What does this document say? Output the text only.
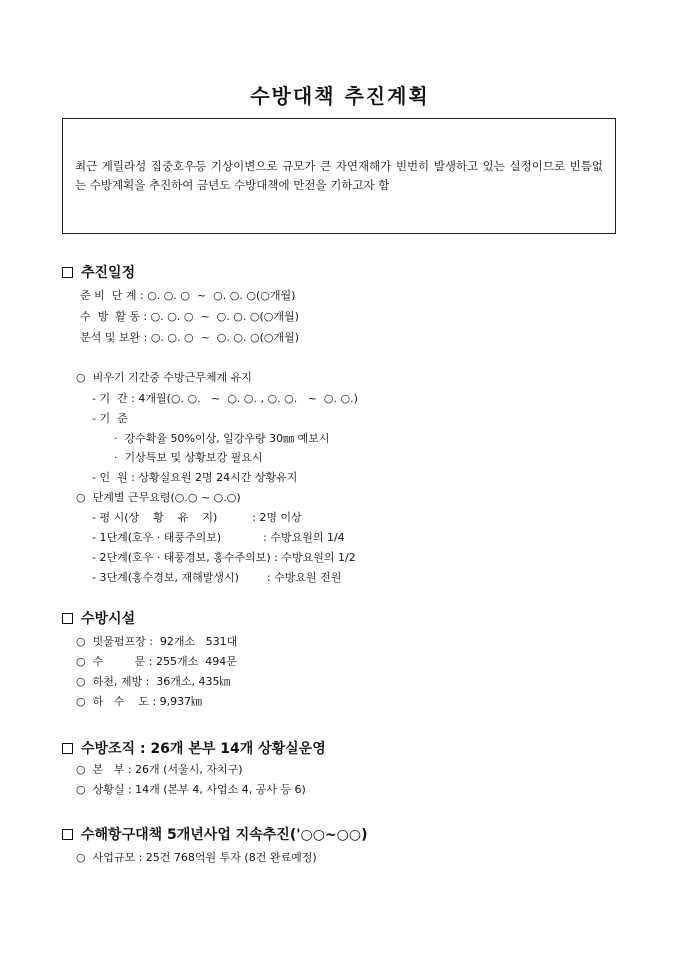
수방대책 추진계획
최근 게릴라성 집중호우등 기상이변으로 규모가 큰 자연재해가 빈번히 발생하고 있는 실정이므로 빈틈없는 수방계획을 추진하여 금년도 수방대책에 만전을 기하고자 함
추진일정
준 비  단 계 : ○. ○. ○  ~  ○. ○. ○(○개월)
수  방  활 동 : ○. ○. ○  ~  ○. ○. ○(○개월)
분석 및 보완 : ○. ○. ○  ~  ○. ○. ○(○개월)
○  비우기 기간중 수방근무체계 유지
- 기  간 : 4개월(○. ○.   ~  ○. ○. , ○. ○.   ~  ○. ○.)
- 기  준
·  강수확율 50%이상, 일강우량 30㎜ 예보시
·  기상특보 및 상황보강 필요시
- 인  원 : 상황실요원 2명 24시간 상황유지
○  단계별 근무요령(○.○ ~ ○.○)
- 평 시(상    황    유    지)          : 2명 이상
- 1단계(호우 · 태풍주의보)            : 수방요원의 1/4
- 2단계(호우 · 태풍경보, 홍수주의보) : 수방요원의 1/2
- 3단계(홍수경보, 재해발생시)        : 수방요원 전원
수방시설
○  빗물펌프장 :  92개소   531대
○  수         문 : 255개소  494문
○  하천, 제방 :  36개소, 435㎞
○  하   수    도 : 9,937㎞
수방조직 : 26개 본부 14개 상황실운영
○  본   부 : 26개 (서울시, 자치구)
○  상황실 : 14개 (본부 4, 사업소 4, 공사 등 6)
수해항구대책 5개년사업 지속추진('○○~○○)
○  사업규모 : 25건 768억원 투자 (8건 완료예정)
